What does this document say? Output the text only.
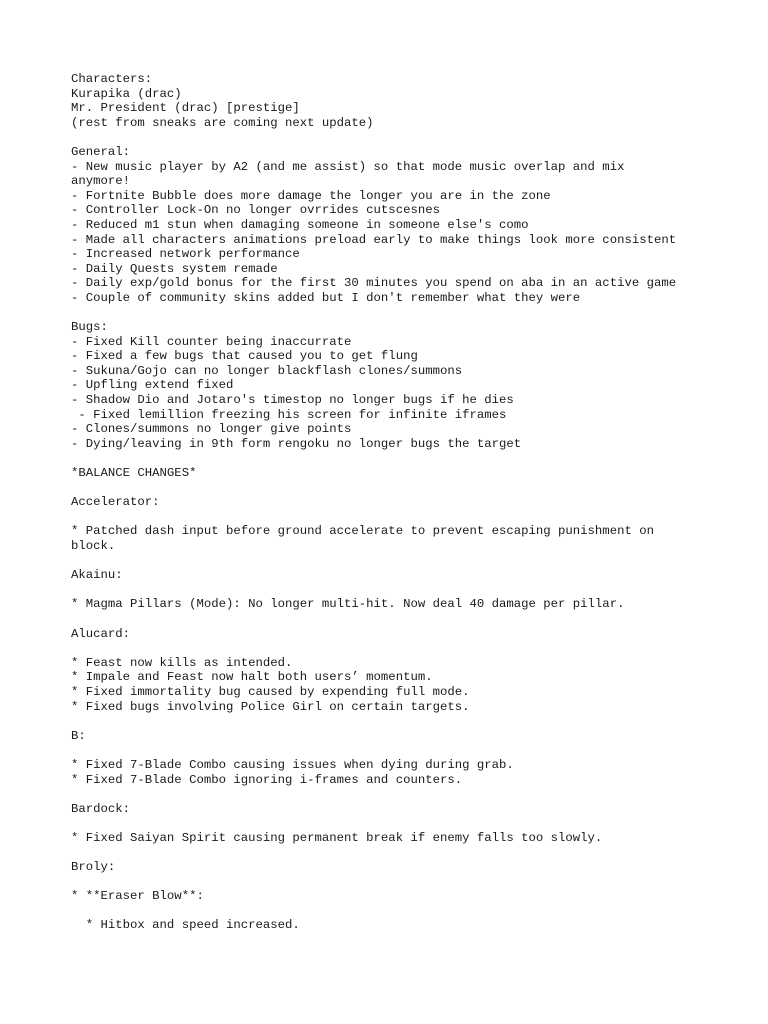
Characters:
Kurapika (drac)
Mr. President (drac) [prestige]
(rest from sneaks are coming next update)
General:
- New music player by A2 (and me assist) so that mode music overlap and mix
anymore!
- Fortnite Bubble does more damage the longer you are in the zone
- Controller Lock-On no longer ovrrides cutscesnes
- Reduced m1 stun when damaging someone in someone else's como
- Made all characters animations preload early to make things look more consistent
- Increased network performance
- Daily Quests system remade
- Daily exp/gold bonus for the first 30 minutes you spend on aba in an active game
- Couple of community skins added but I don't remember what they were
Bugs:
- Fixed Kill counter being inaccurrate
- Fixed a few bugs that caused you to get flung
- Sukuna/Gojo can no longer blackflash clones/summons
- Upfling extend fixed
- Shadow Dio and Jotaro's timestop no longer bugs if he dies
- Fixed lemillion freezing his screen for infinite iframes
- Clones/summons no longer give points
- Dying/leaving in 9th form rengoku no longer bugs the target
*BALANCE CHANGES*
Accelerator:
* Patched dash input before ground accelerate to prevent escaping punishment on
block.
Akainu:
* Magma Pillars (Mode): No longer multi-hit. Now deal 40 damage per pillar.
Alucard:
* Feast now kills as intended.
* Impale and Feast now halt both users’ momentum.
* Fixed immortality bug caused by expending full mode.
* Fixed bugs involving Police Girl on certain targets.
B:
* Fixed 7-Blade Combo causing issues when dying during grab.
* Fixed 7-Blade Combo ignoring i-frames and counters.
Bardock:
* Fixed Saiyan Spirit causing permanent break if enemy falls too slowly.
Broly:
* **Eraser Blow**:
* Hitbox and speed increased.
